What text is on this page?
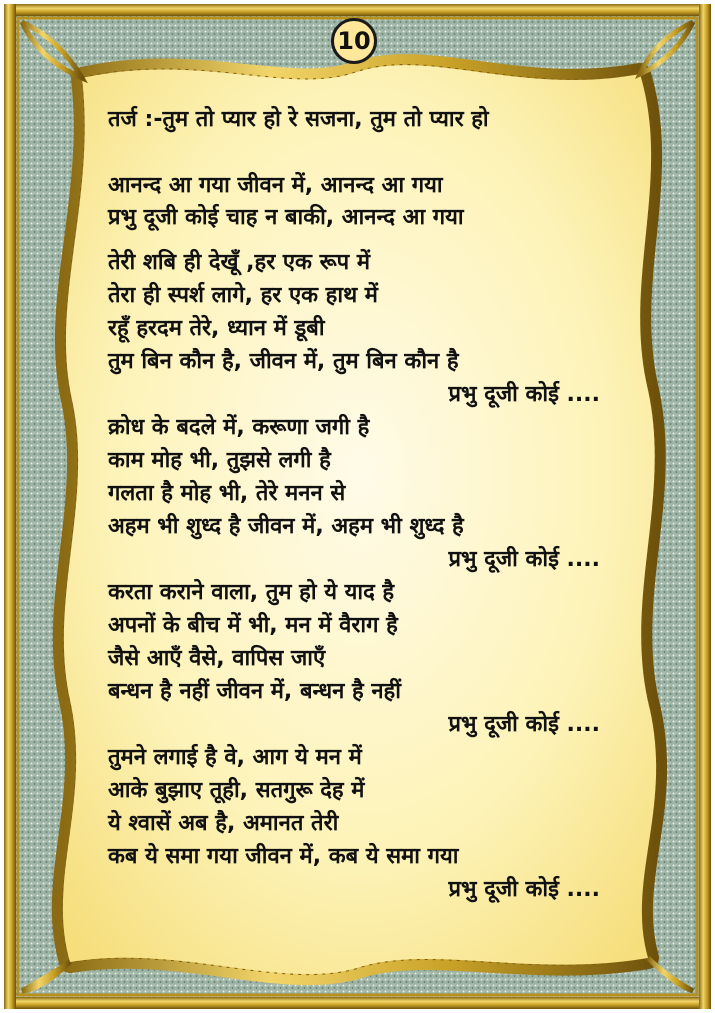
10
तर्ज :-तुम तो प्यार हो रे सजना, तुम तो प्यार हो
आनन्द आ गया जीवन में, आनन्द आ गया
प्रभु दूजी कोई चाह न बाकी, आनन्द आ गया
तेरी शबि ही देखूँ ,हर एक रूप में
तेरा ही स्पर्श लागे, हर एक हाथ में
रहूँ हरदम तेरे, ध्यान में डूबी
तुम बिन कौन है, जीवन में, तुम बिन कौन है
प्रभु दूजी कोई ....
क्रोध के बदले में, करूणा जगी है
काम मोह भी, तुझसे लगी है
गलता है मोह भी, तेरे मनन से
अहम भी शुध्द है जीवन में, अहम भी शुध्द है
प्रभु दूजी कोई ....
करता कराने वाला, तुम हो ये याद है
अपनों के बीच में भी, मन में वैराग है
जैसे आएँ वैसे, वापिस जाएँ
बन्धन है नहीं जीवन में, बन्धन है नहीं
प्रभु दूजी कोई ....
तुमने लगाई है वे, आग ये मन में
आके बुझाए तूही, सतगुरू देह में
ये श्वासें अब है, अमानत तेरी
कब ये समा गया जीवन में, कब ये समा गया
प्रभु दूजी कोई ....
